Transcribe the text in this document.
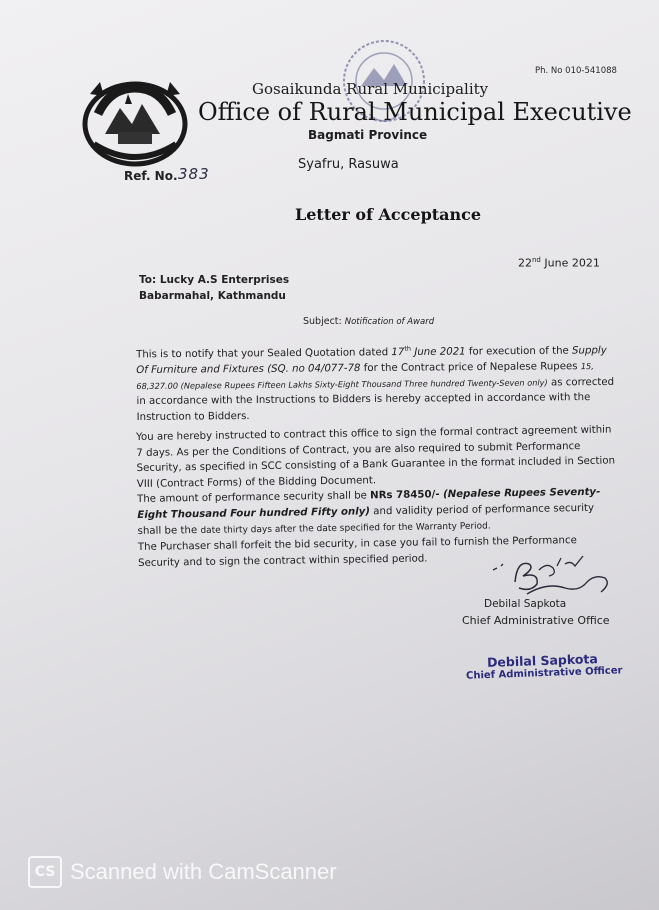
Ph. No 010-541088
Gosaikunda Rural Municipality
Office of Rural Municipal Executive
Bagmati Province
Syafru, Rasuwa
Ref. No. 383
Letter of Acceptance
22nd June 2021
To: Lucky A.S Enterprises
Babarmahal, Kathmandu
Subject: Notification of Award
This is to notify that your Sealed Quotation dated 17th June 2021 for execution of the Supply Of Furniture and Fixtures (SQ. no 04/077-78 for the Contract price of Nepalese Rupees 15, 68,327.00 (Nepalese Rupees Fifteen Lakhs Sixty-Eight Thousand Three hundred Twenty-Seven only) as corrected in accordance with the Instructions to Bidders is hereby accepted in accordance with the Instruction to Bidders.
You are hereby instructed to contract this office to sign the formal contract agreement within 7 days. As per the Conditions of Contract, you are also required to submit Performance Security, as specified in SCC consisting of a Bank Guarantee in the format included in Section VIII (Contract Forms) of the Bidding Document.
The amount of performance security shall be NRs 78450/- (Nepalese Rupees Seventy-Eight Thousand Four hundred Fifty only) and validity period of performance security shall be the date thirty days after the date specified for the Warranty Period.
The Purchaser shall forfeit the bid security, in case you fail to furnish the Performance Security and to sign the contract within specified period.
Debilal Sapkota
Chief Administrative Office
Debilal Sapkota
Chief Administrative Officer
CS Scanned with CamScanner
